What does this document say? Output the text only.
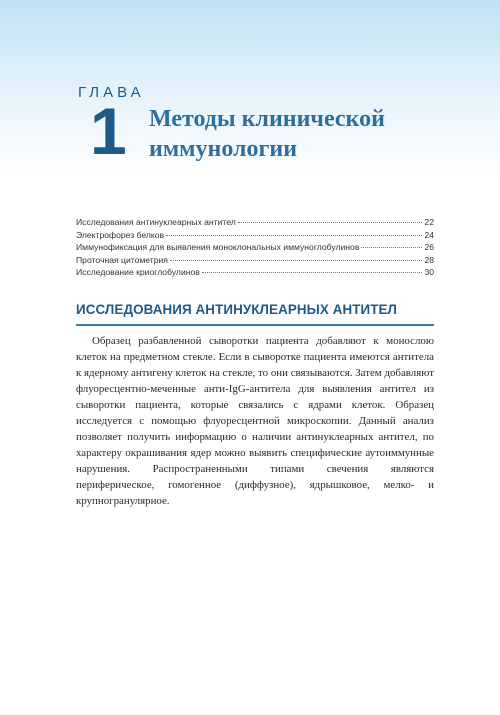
ГЛАВА
1 Методы клинической иммунологии
Исследования антинуклеарных антител	22
Электрофорез белков	24
Иммунофиксация для выявления моноклональных иммуноглобулинов	26
Проточная цитометрия	28
Исследование криоглобулинов	30
ИССЛЕДОВАНИЯ АНТИНУКЛЕАРНЫХ АНТИТЕЛ

Образец разбавленной сыворотки пациента добавляют к монослою клеток на предметном стекле. Если в сыворотке пациента имеются антитела к ядерному антигену клеток на стекле, то они связываются. Затем добавляют флуоресцентно-меченные анти-IgG-антитела для выявления антител из сыворотки пациента, которые связались с ядрами клеток. Образец исследуется с помощью флуоресцентной микроскопии. Данный анализ позволяет получить информацию о наличии антинуклеарных антител, по характеру окрашивания ядер можно выявить специфические аутоиммунные нарушения. Распространенными типами свечения являются периферическое, гомогенное (диффузное), ядрышковое, мелко- и крупногранулярное.
